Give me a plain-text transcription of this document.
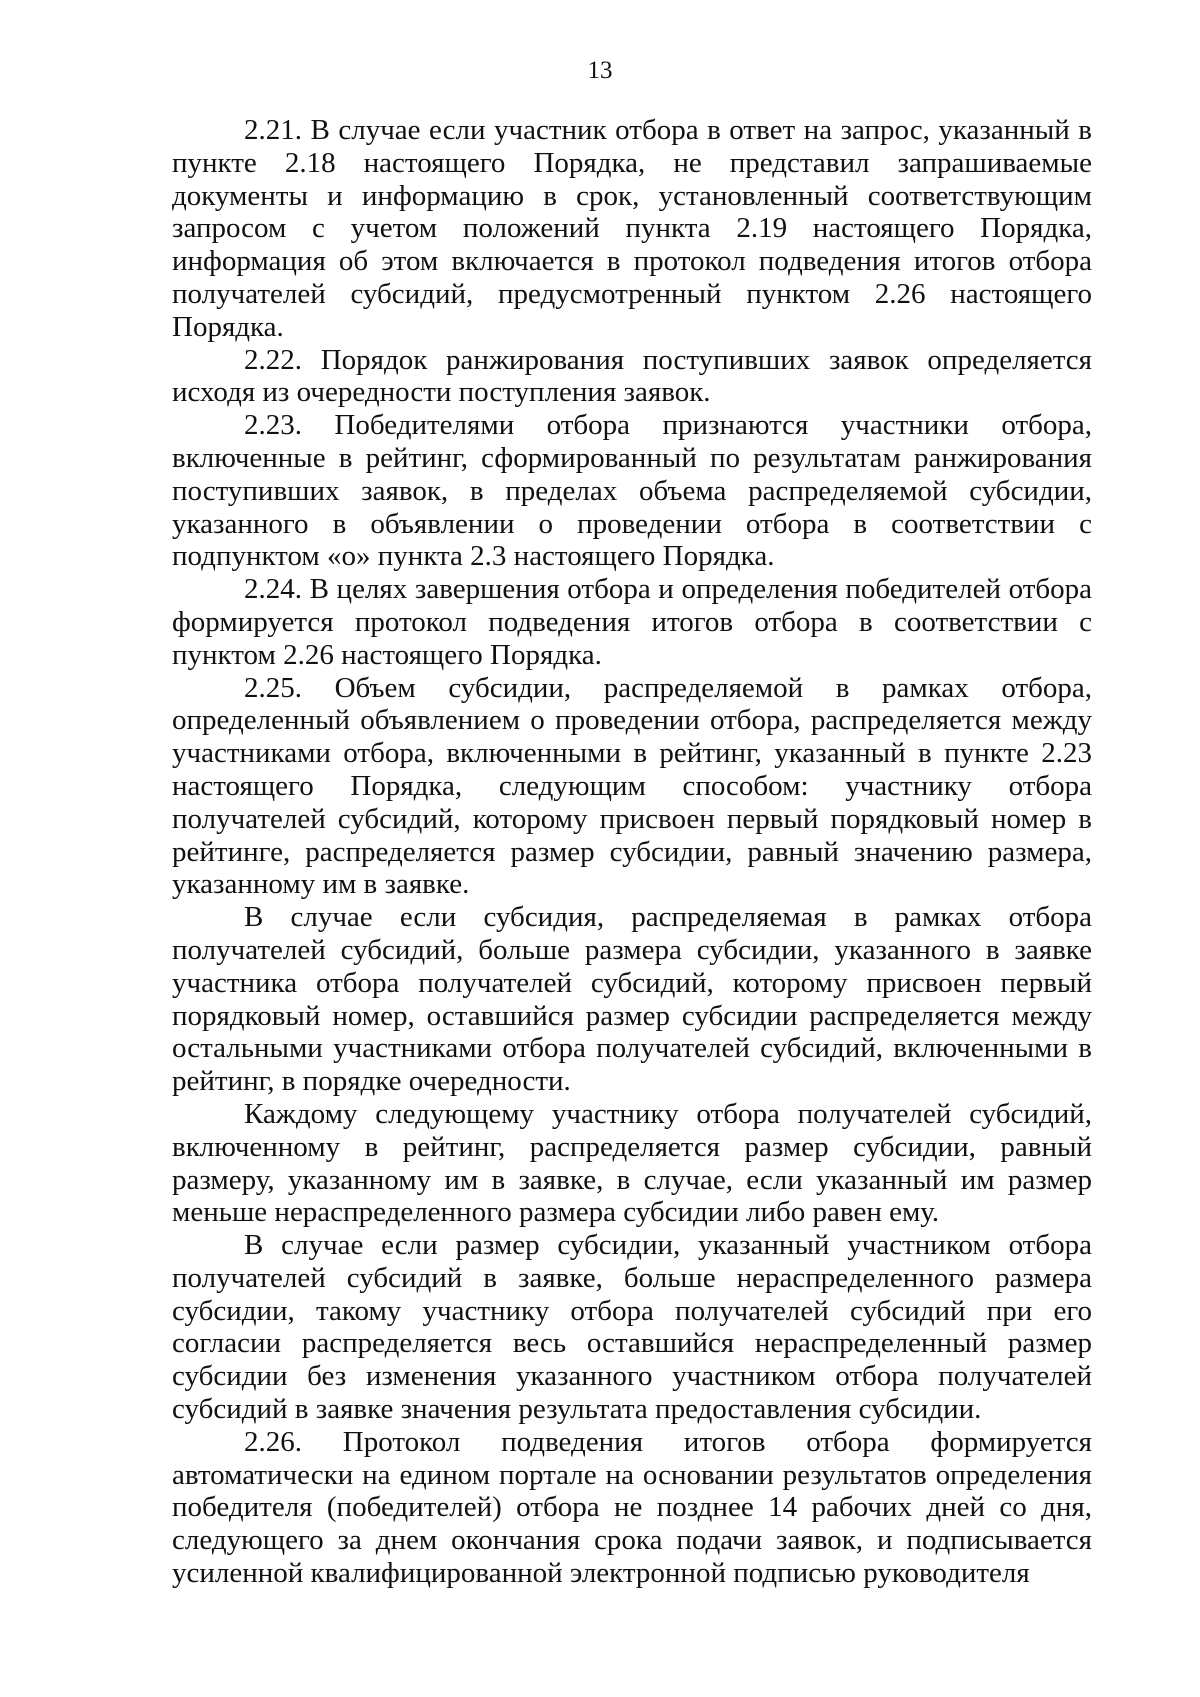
13

2.21. В случае если участник отбора в ответ на запрос, указанный в пункте 2.18 настоящего Порядка, не представил запрашиваемые документы и информацию в срок, установленный соответствующим запросом с учетом положений пункта 2.19 настоящего Порядка, информация об этом включается в протокол подведения итогов отбора получателей субсидий, предусмотренный пунктом 2.26 настоящего Порядка.

2.22. Порядок ранжирования поступивших заявок определяется исходя из очередности поступления заявок.

2.23. Победителями отбора признаются участники отбора, включенные в рейтинг, сформированный по результатам ранжирования поступивших заявок, в пределах объема распределяемой субсидии, указанного в объявлении о проведении отбора в соответствии с подпунктом «о» пункта 2.3 настоящего Порядка.

2.24. В целях завершения отбора и определения победителей отбора формируется протокол подведения итогов отбора в соответствии с пунктом 2.26 настоящего Порядка.

2.25. Объем субсидии, распределяемой в рамках отбора, определенный объявлением о проведении отбора, распределяется между участниками отбора, включенными в рейтинг, указанный в пункте 2.23 настоящего Порядка, следующим способом: участнику отбора получателей субсидий, которому присвоен первый порядковый номер в рейтинге, распределяется размер субсидии, равный значению размера, указанному им в заявке.

В случае если субсидия, распределяемая в рамках отбора получателей субсидий, больше размера субсидии, указанного в заявке участника отбора получателей субсидий, которому присвоен первый порядковый номер, оставшийся размер субсидии распределяется между остальными участниками отбора получателей субсидий, включенными в рейтинг, в порядке очередности.

Каждому следующему участнику отбора получателей субсидий, включенному в рейтинг, распределяется размер субсидии, равный размеру, указанному им в заявке, в случае, если указанный им размер меньше нераспределенного размера субсидии либо равен ему.

В случае если размер субсидии, указанный участником отбора получателей субсидий в заявке, больше нераспределенного размера субсидии, такому участнику отбора получателей субсидий при его согласии распределяется весь оставшийся нераспределенный размер субсидии без изменения указанного участником отбора получателей субсидий в заявке значения результата предоставления субсидии.

2.26. Протокол подведения итогов отбора формируется автоматически на едином портале на основании результатов определения победителя (победителей) отбора не позднее 14 рабочих дней со дня, следующего за днем окончания срока подачи заявок, и подписывается усиленной квалифицированной электронной подписью руководителя
